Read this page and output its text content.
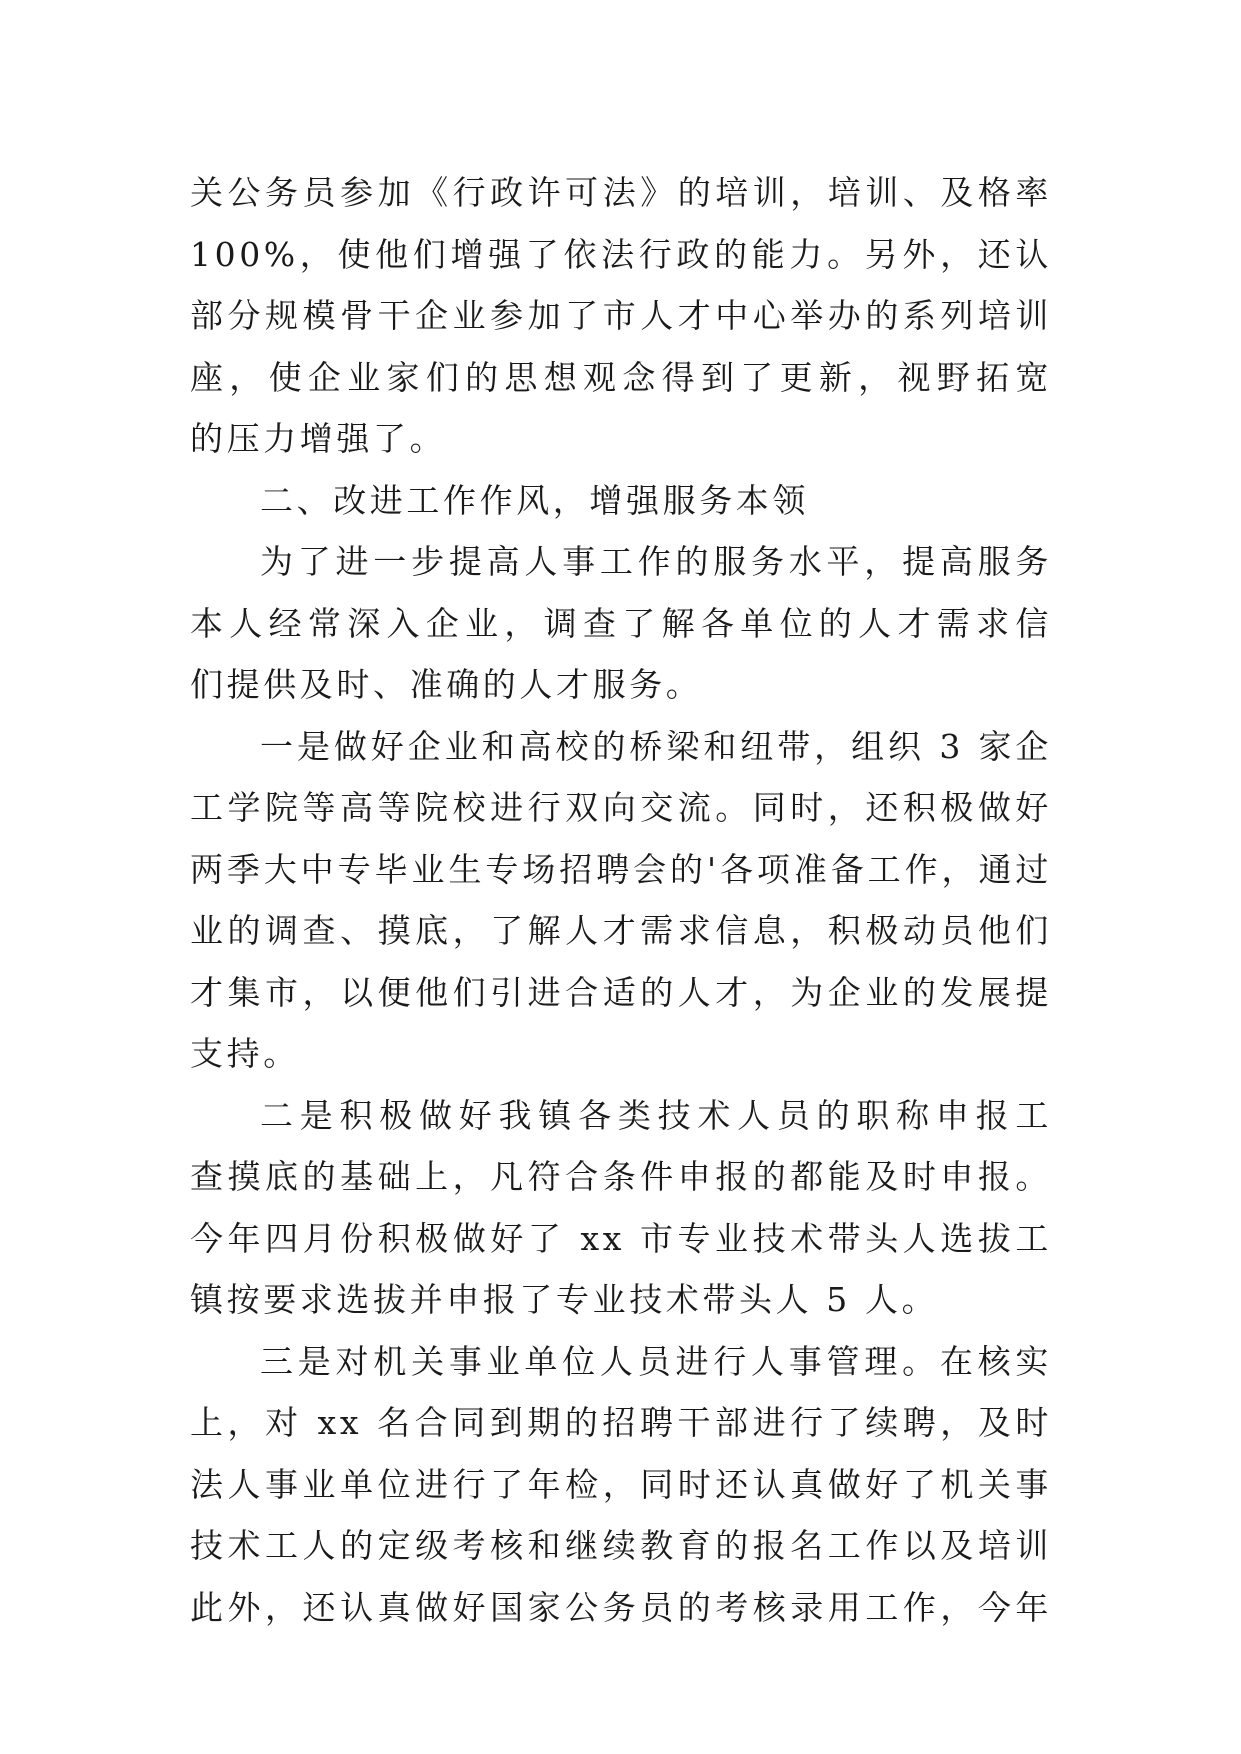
关公务员参加《行政许可法》的培训，培训、及格率
100%，使他们增强了依法行政的能力。另外，还认
部分规模骨干企业参加了市人才中心举办的系列培训
座，使企业家们的思想观念得到了更新，视野拓宽
的压力增强了。
二、改进工作作风，增强服务本领
为了进一步提高人事工作的服务水平，提高服务
本人经常深入企业，调查了解各单位的人才需求信
们提供及时、准确的人才服务。
一是做好企业和高校的桥梁和纽带，组织 3 家企
工学院等高等院校进行双向交流。同时，还积极做好
两季大中专毕业生专场招聘会的'各项准备工作，通过
业的调查、摸底，了解人才需求信息，积极动员他们
才集市，以便他们引进合适的人才，为企业的发展提
支持。
二是积极做好我镇各类技术人员的职称申报工
查摸底的基础上，凡符合条件申报的都能及时申报。
今年四月份积极做好了 xx 市专业技术带头人选拔工
镇按要求选拔并申报了专业技术带头人 5 人。
三是对机关事业单位人员进行人事管理。在核实
上，对 xx 名合同到期的招聘干部进行了续聘，及时
法人事业单位进行了年检，同时还认真做好了机关事
技术工人的定级考核和继续教育的报名工作以及培训
此外，还认真做好国家公务员的考核录用工作，今年
